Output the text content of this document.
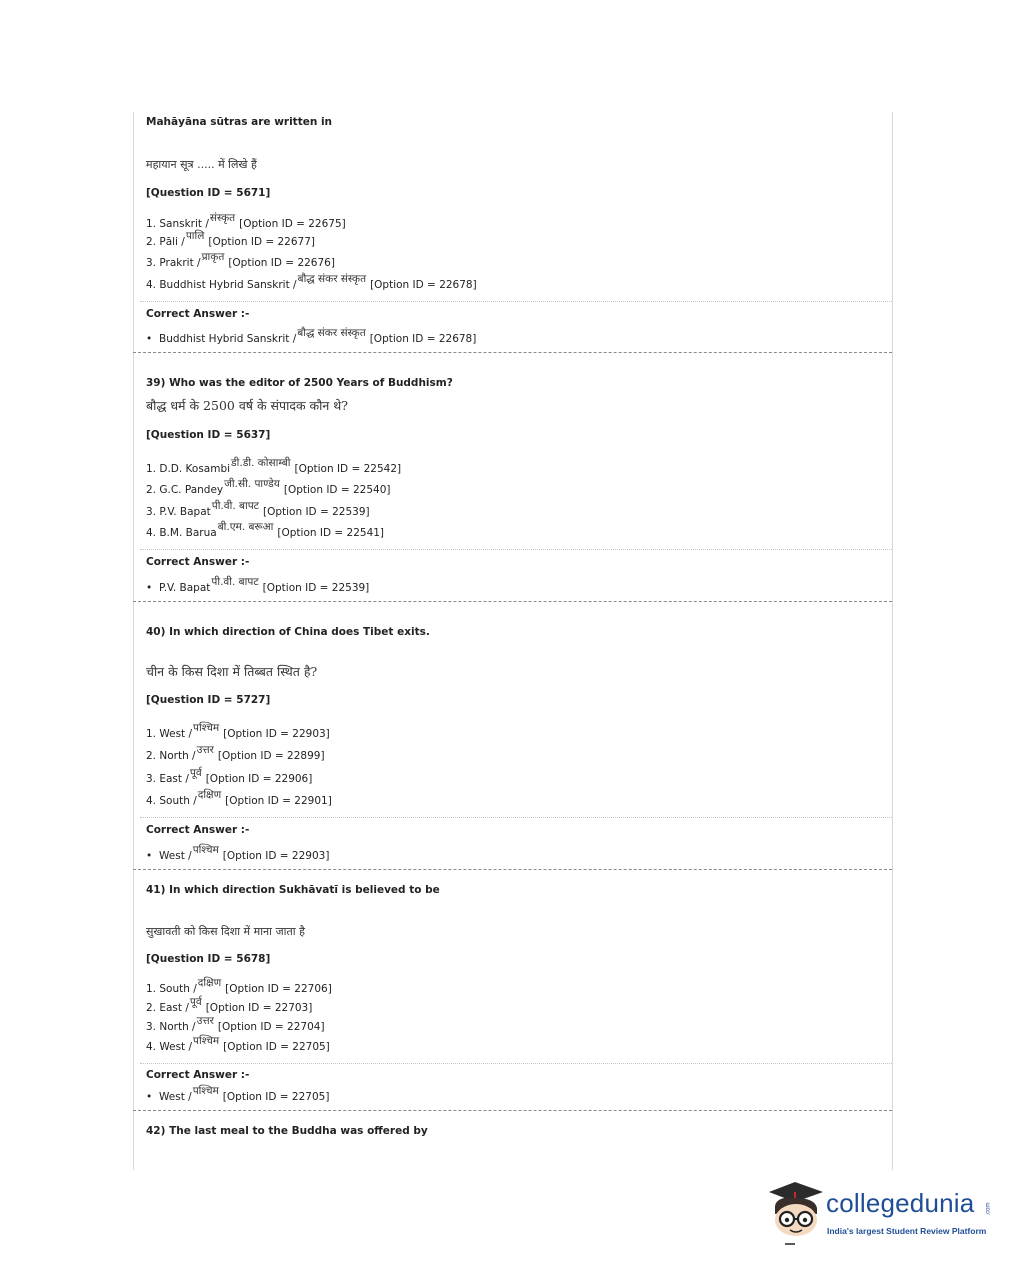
Mahāyāna sūtras are written in
महायान सूत्र ..... में लिखे हैं
[Question ID = 5671]
1. Sanskrit /संस्कृत [Option ID = 22675]
2. Pāli /पालि [Option ID = 22677]
3. Prakrit /प्राकृत [Option ID = 22676]
4. Buddhist Hybrid Sanskrit /बौद्ध संकर संस्कृत [Option ID = 22678]
Correct Answer :-
• Buddhist Hybrid Sanskrit /बौद्ध संकर संस्कृत [Option ID = 22678]
39) Who was the editor of 2500 Years of Buddhism?
बौद्ध धर्म के 2500 वर्ष के संपादक कौन थे?
[Question ID = 5637]
1. D.D. Kosambiडी.डी. कोसाम्बी [Option ID = 22542]
2. G.C. Pandeyजी.सी. पाण्डेय [Option ID = 22540]
3. P.V. Bapatपी.वी. बापट [Option ID = 22539]
4. B.M. Baruaबी.एम. बरूआ [Option ID = 22541]
Correct Answer :-
• P.V. Bapatपी.वी. बापट [Option ID = 22539]
40) In which direction of China does Tibet exits.
चीन के किस दिशा में तिब्बत स्थित है?
[Question ID = 5727]
1. West /पश्चिम [Option ID = 22903]
2. North /उत्तर [Option ID = 22899]
3. East /पूर्व [Option ID = 22906]
4. South /दक्षिण [Option ID = 22901]
Correct Answer :-
• West /पश्चिम [Option ID = 22903]
41) In which direction Sukhāvatī is believed to be
सुखावती को किस दिशा में माना जाता है
[Question ID = 5678]
1. South /दक्षिण [Option ID = 22706]
2. East /पूर्व [Option ID = 22703]
3. North /उत्तर [Option ID = 22704]
4. West /पश्चिम [Option ID = 22705]
Correct Answer :-
• West /पश्चिम [Option ID = 22705]
42) The last meal to the Buddha was offered by
collegedunia .com
India's largest Student Review Platform
